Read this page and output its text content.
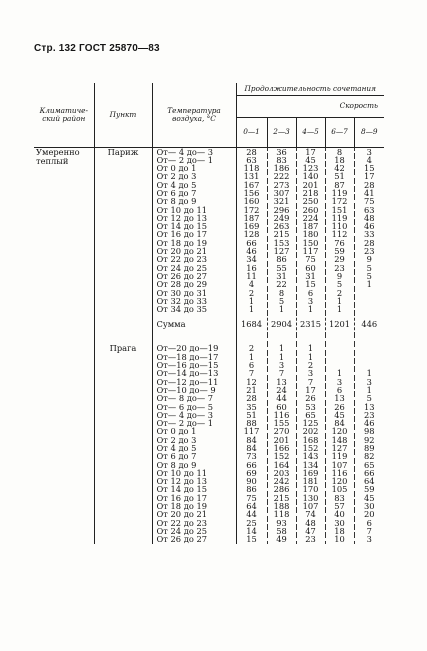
Стр. 132 ГОСТ 25870—83
Климатиче-
ский район	Пункт	Температура
воздуха, °С	Продолжительность сочетания				
			Скорость				
			0—1	2—3	4—5	6—7	8—9
Умеренно
теплый	Париж	От— 4 до— 3	28	36	17	8	3
		От— 2 до— 1	63	83	45	18	4
		От 0 до 1	118	186	123	42	15
		От 2 до 3	131	222	140	51	17
		От 4 до 5	167	273	201	87	28
		От 6 до 7	156	307	218	119	41
		От 8 до 9	160	321	250	172	75
		От 10 до 11	172	296	260	151	63
		От 12 до 13	187	249	224	119	48
		От 14 до 15	169	263	187	110	46
		От 16 до 17	128	215	180	112	33
		От 18 до 19	66	153	150	76	28
		От 20 до 21	46	127	117	59	23
		От 22 до 23	34	86	75	29	9
		От 24 до 25	16	55	60	23	5
		От 26 до 27	11	31	31	9	5
		От 28 до 29	4	22	15	5	1
		От 30 до 31	2	8	6	2	
		От 32 до 33	1	5	3	1	
		От 34 до 35	1	1	1	1	
		Сумма	1684	2904	2315	1201	446

	Прага	От—20 до—19	2	1	1		
		От—18 до—17	1	1	1		
		От—16 до—15	6	3	2		
		От—14 до—13	7	7	3	1	1
		От—12 до—11	12	13	7	3	3
		От—10 до— 9	21	24	17	6	1
		От— 8 до— 7	28	44	26	13	5
		От— 6 до— 5	35	60	53	26	13
		От— 4 до— 3	51	116	65	45	23
		От— 2 до— 1	88	155	125	84	46
		От 0 до 1	117	270	202	120	98
		От 2 до 3	84	201	168	148	92
		От 4 до 5	84	166	152	127	89
		От 6 до 7	73	152	143	119	82
		От 8 до 9	66	164	134	107	65
		От 10 до 11	69	203	169	116	66
		От 12 до 13	90	242	181	120	64
		От 14 до 15	86	286	170	105	59
		От 16 до 17	75	215	130	83	45
		От 18 до 19	64	188	107	57	30
		От 20 до 21	44	118	74	40	20
		От 22 до 23	25	93	48	30	6
		От 24 до 25	14	58	47	18	7
		От 26 до 27	15	49	23	10	3
